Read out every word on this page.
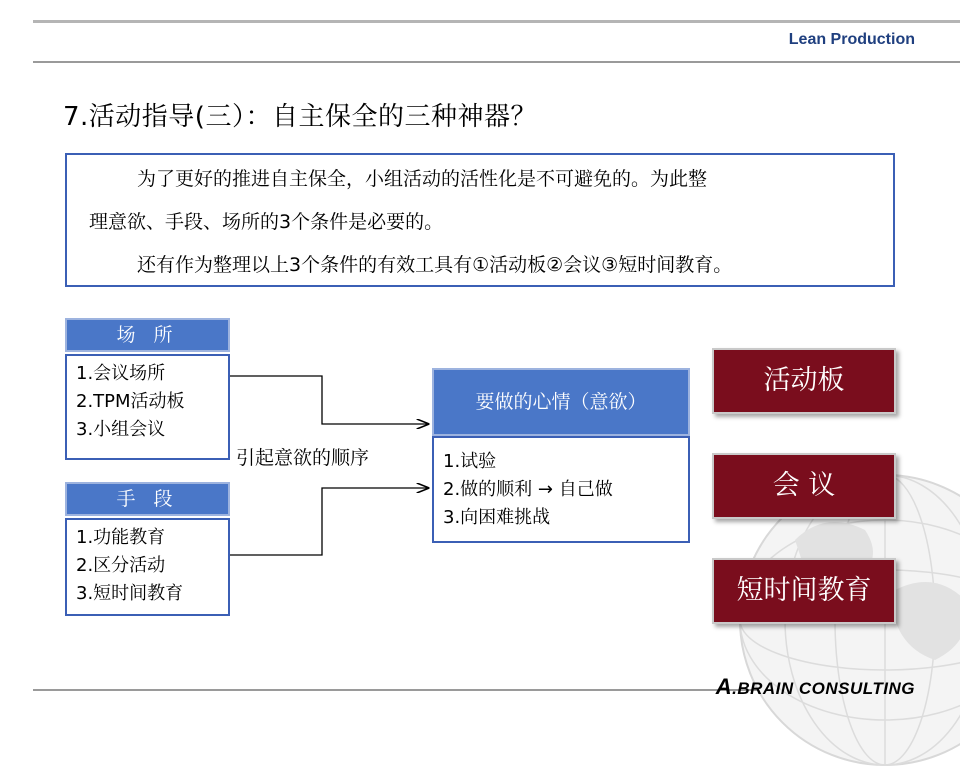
Lean Production
7.活动指导(三）：自主保全的三种神器？
为了更好的推进自主保全，小组活动的活性化是不可避免的。为此整
理意欲、手段、场所的3个条件是必要的。
还有作为整理以上3个条件的有效工具有①活动板②会议③短时间教育。
场 所
1.会议场所
2.TPM活动板
3.小组会议
引起意欲的顺序
手 段
1.功能教育
2.区分活动
3.短时间教育
要做的心情（意欲）
1.试验
2.做的顺利 → 自己做
3.向困难挑战
活动板
会 议
短时间教育
A.BRAIN CONSULTING
